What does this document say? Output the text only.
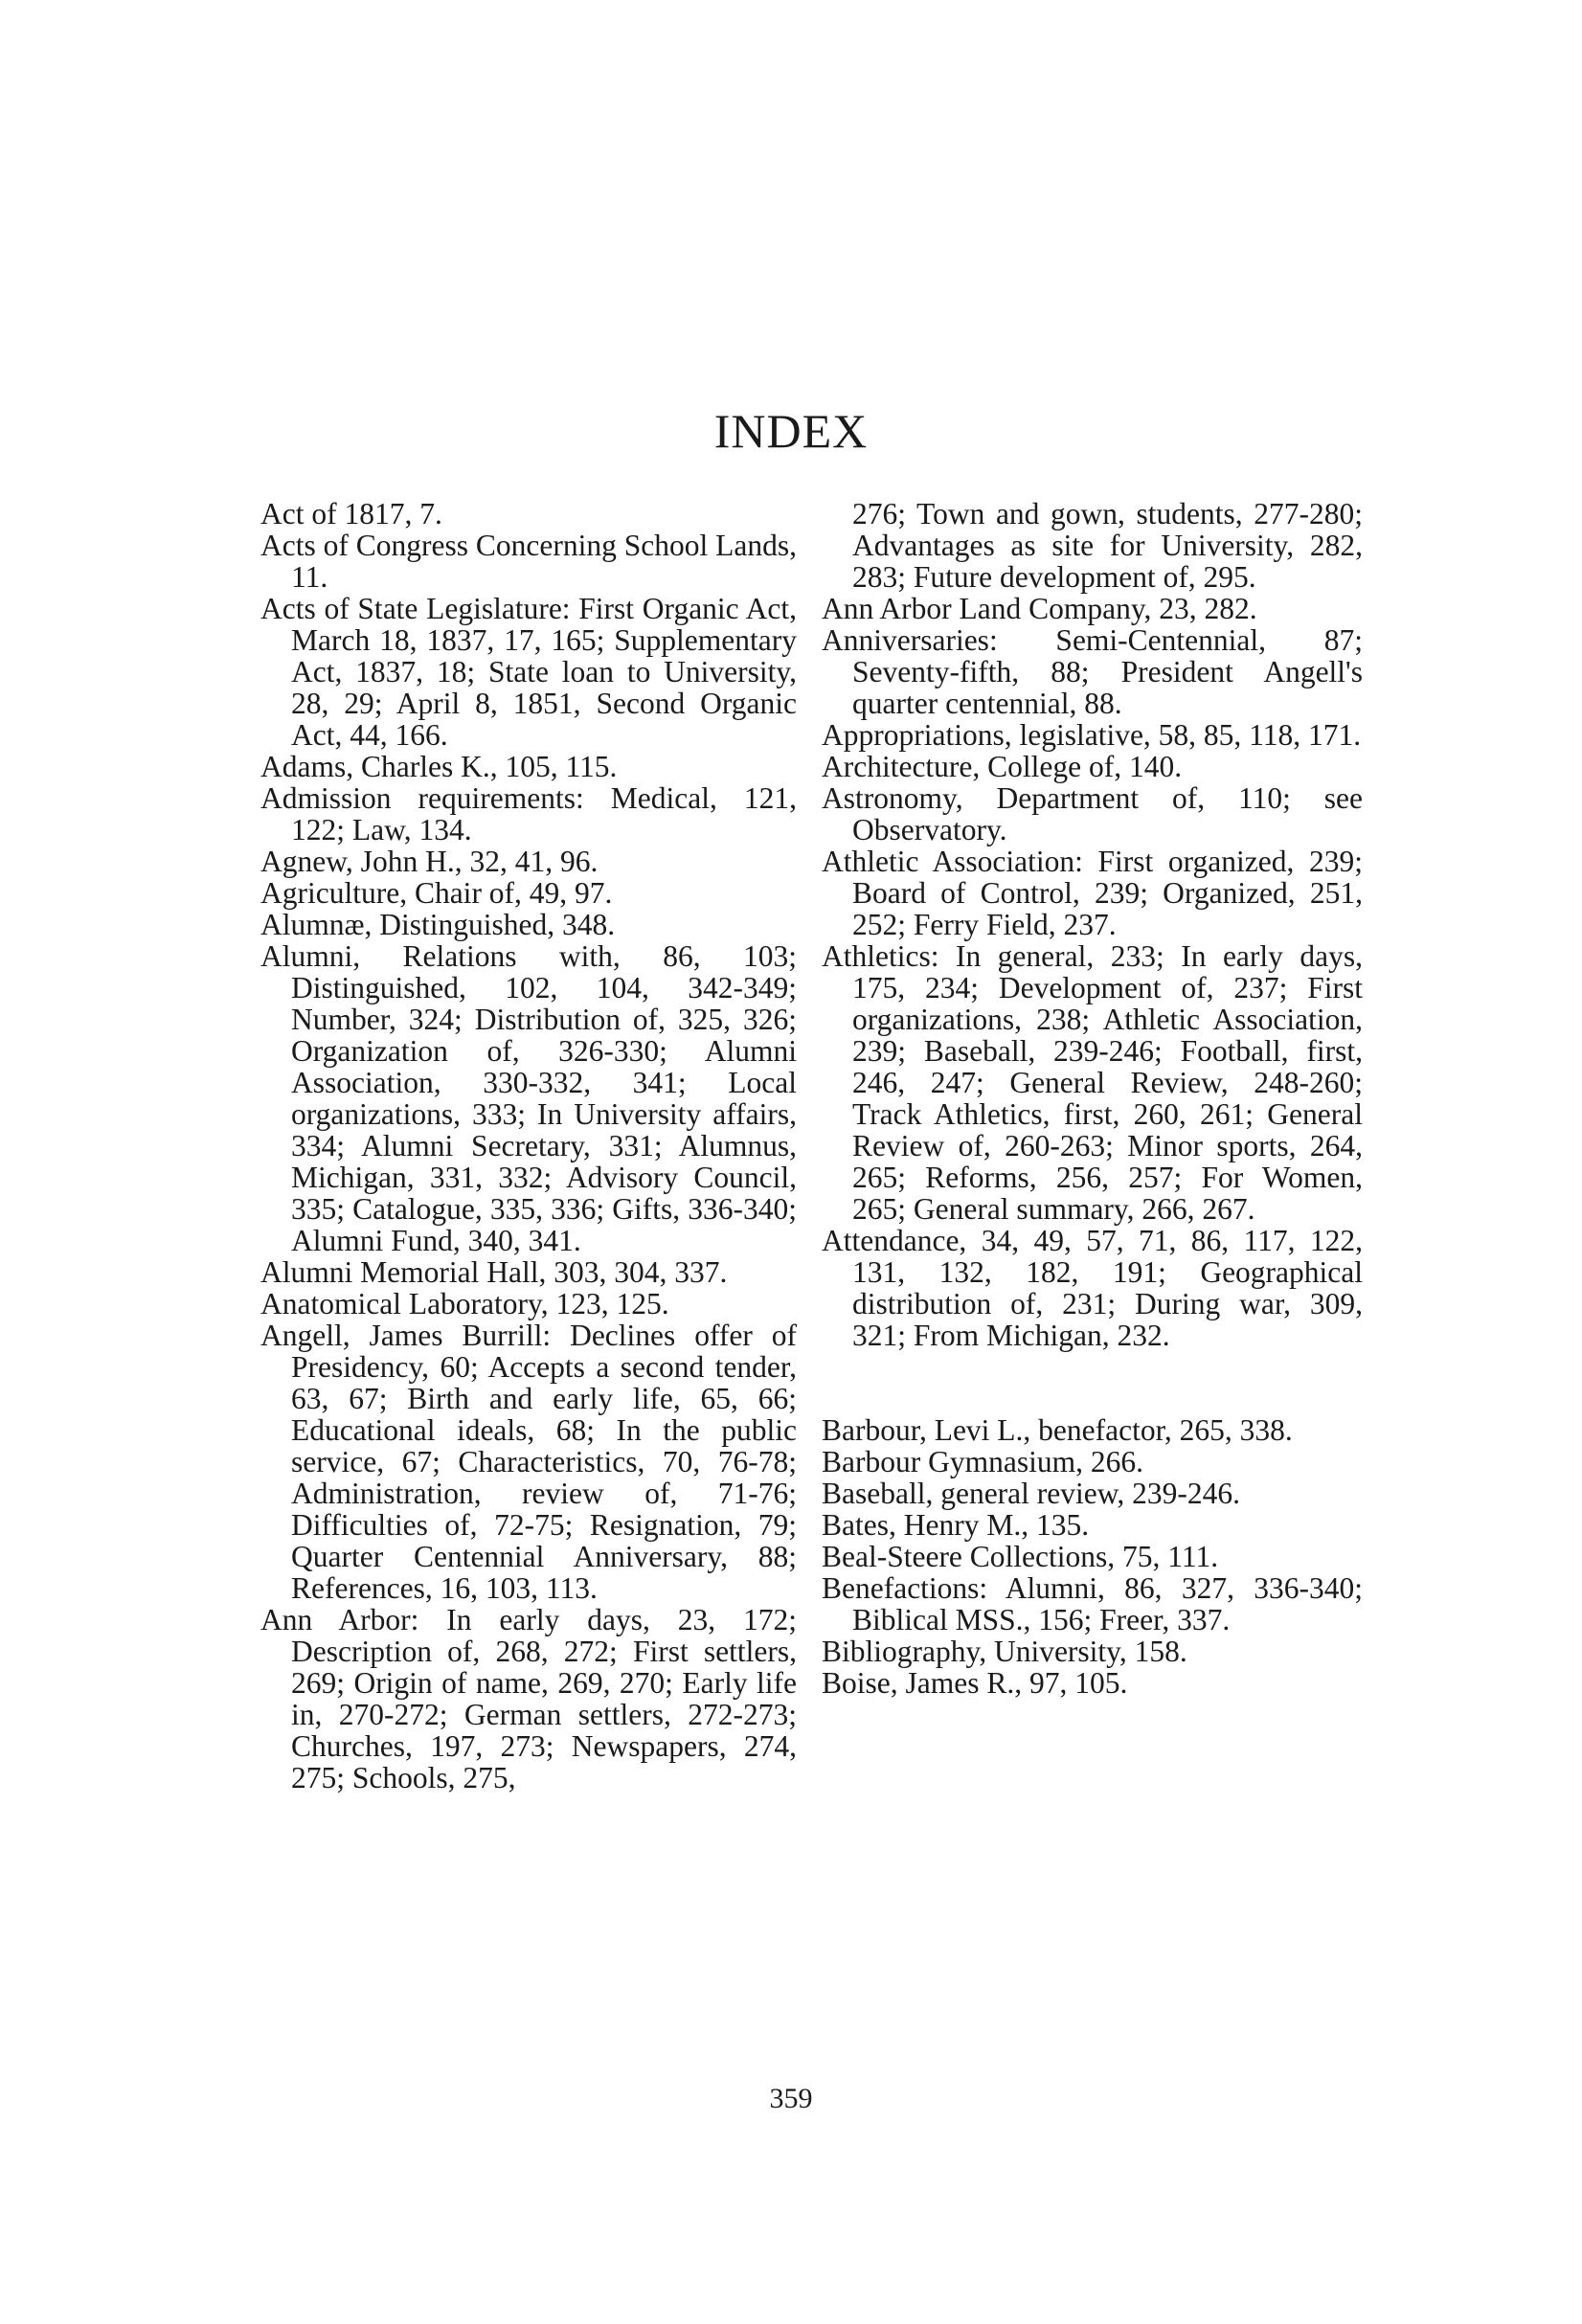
INDEX

Act of 1817, 7.

Acts of Congress Concerning School Lands, 11.

Acts of State Legislature: First Organic Act, March 18, 1837, 17, 165; Supplementary Act, 1837, 18; State loan to University, 28, 29; April 8, 1851, Second Organic Act, 44, 166.

Adams, Charles K., 105, 115.

Admission requirements: Medical, 121, 122; Law, 134.

Agnew, John H., 32, 41, 96.

Agriculture, Chair of, 49, 97.

Alumnæ, Distinguished, 348.

Alumni, Relations with, 86, 103; Distinguished, 102, 104, 342-349; Number, 324; Distribution of, 325, 326; Organization of, 326-330; Alumni Association, 330-332, 341; Local organizations, 333; In University affairs, 334; Alumni Secretary, 331; Alumnus, Michigan, 331, 332; Advisory Council, 335; Catalogue, 335, 336; Gifts, 336-340; Alumni Fund, 340, 341.

Alumni Memorial Hall, 303, 304, 337.

Anatomical Laboratory, 123, 125.

Angell, James Burrill: Declines offer of Presidency, 60; Accepts a second tender, 63, 67; Birth and early life, 65, 66; Educational ideals, 68; In the public service, 67; Characteristics, 70, 76-78; Administration, review of, 71-76; Difficulties of, 72-75; Resignation, 79; Quarter Centennial Anniversary, 88; References, 16, 103, 113.

Ann Arbor: In early days, 23, 172; Description of, 268, 272; First settlers, 269; Origin of name, 269, 270; Early life in, 270-272; German settlers, 272-273; Churches, 197, 273; Newspapers, 274, 275; Schools, 275,

276; Town and gown, students, 277-280; Advantages as site for University, 282, 283; Future development of, 295.

Ann Arbor Land Company, 23, 282.

Anniversaries: Semi-Centennial, 87; Seventy-fifth, 88; President Angell's quarter centennial, 88.

Appropriations, legislative, 58, 85, 118, 171.

Architecture, College of, 140.

Astronomy, Department of, 110; see Observatory.

Athletic Association: First organized, 239; Board of Control, 239; Organized, 251, 252; Ferry Field, 237.

Athletics: In general, 233; In early days, 175, 234; Development of, 237; First organizations, 238; Athletic Association, 239; Baseball, 239-246; Football, first, 246, 247; General Review, 248-260; Track Athletics, first, 260, 261; General Review of, 260-263; Minor sports, 264, 265; Reforms, 256, 257; For Women, 265; General summary, 266, 267.

Attendance, 34, 49, 57, 71, 86, 117, 122, 131, 132, 182, 191; Geographical distribution of, 231; During war, 309, 321; From Michigan, 232.

Barbour, Levi L., benefactor, 265, 338.

Barbour Gymnasium, 266.

Baseball, general review, 239-246.

Bates, Henry M., 135.

Beal-Steere Collections, 75, 111.

Benefactions: Alumni, 86, 327, 336-340; Biblical MSS., 156; Freer, 337.

Bibliography, University, 158.

Boise, James R., 97, 105.

359
